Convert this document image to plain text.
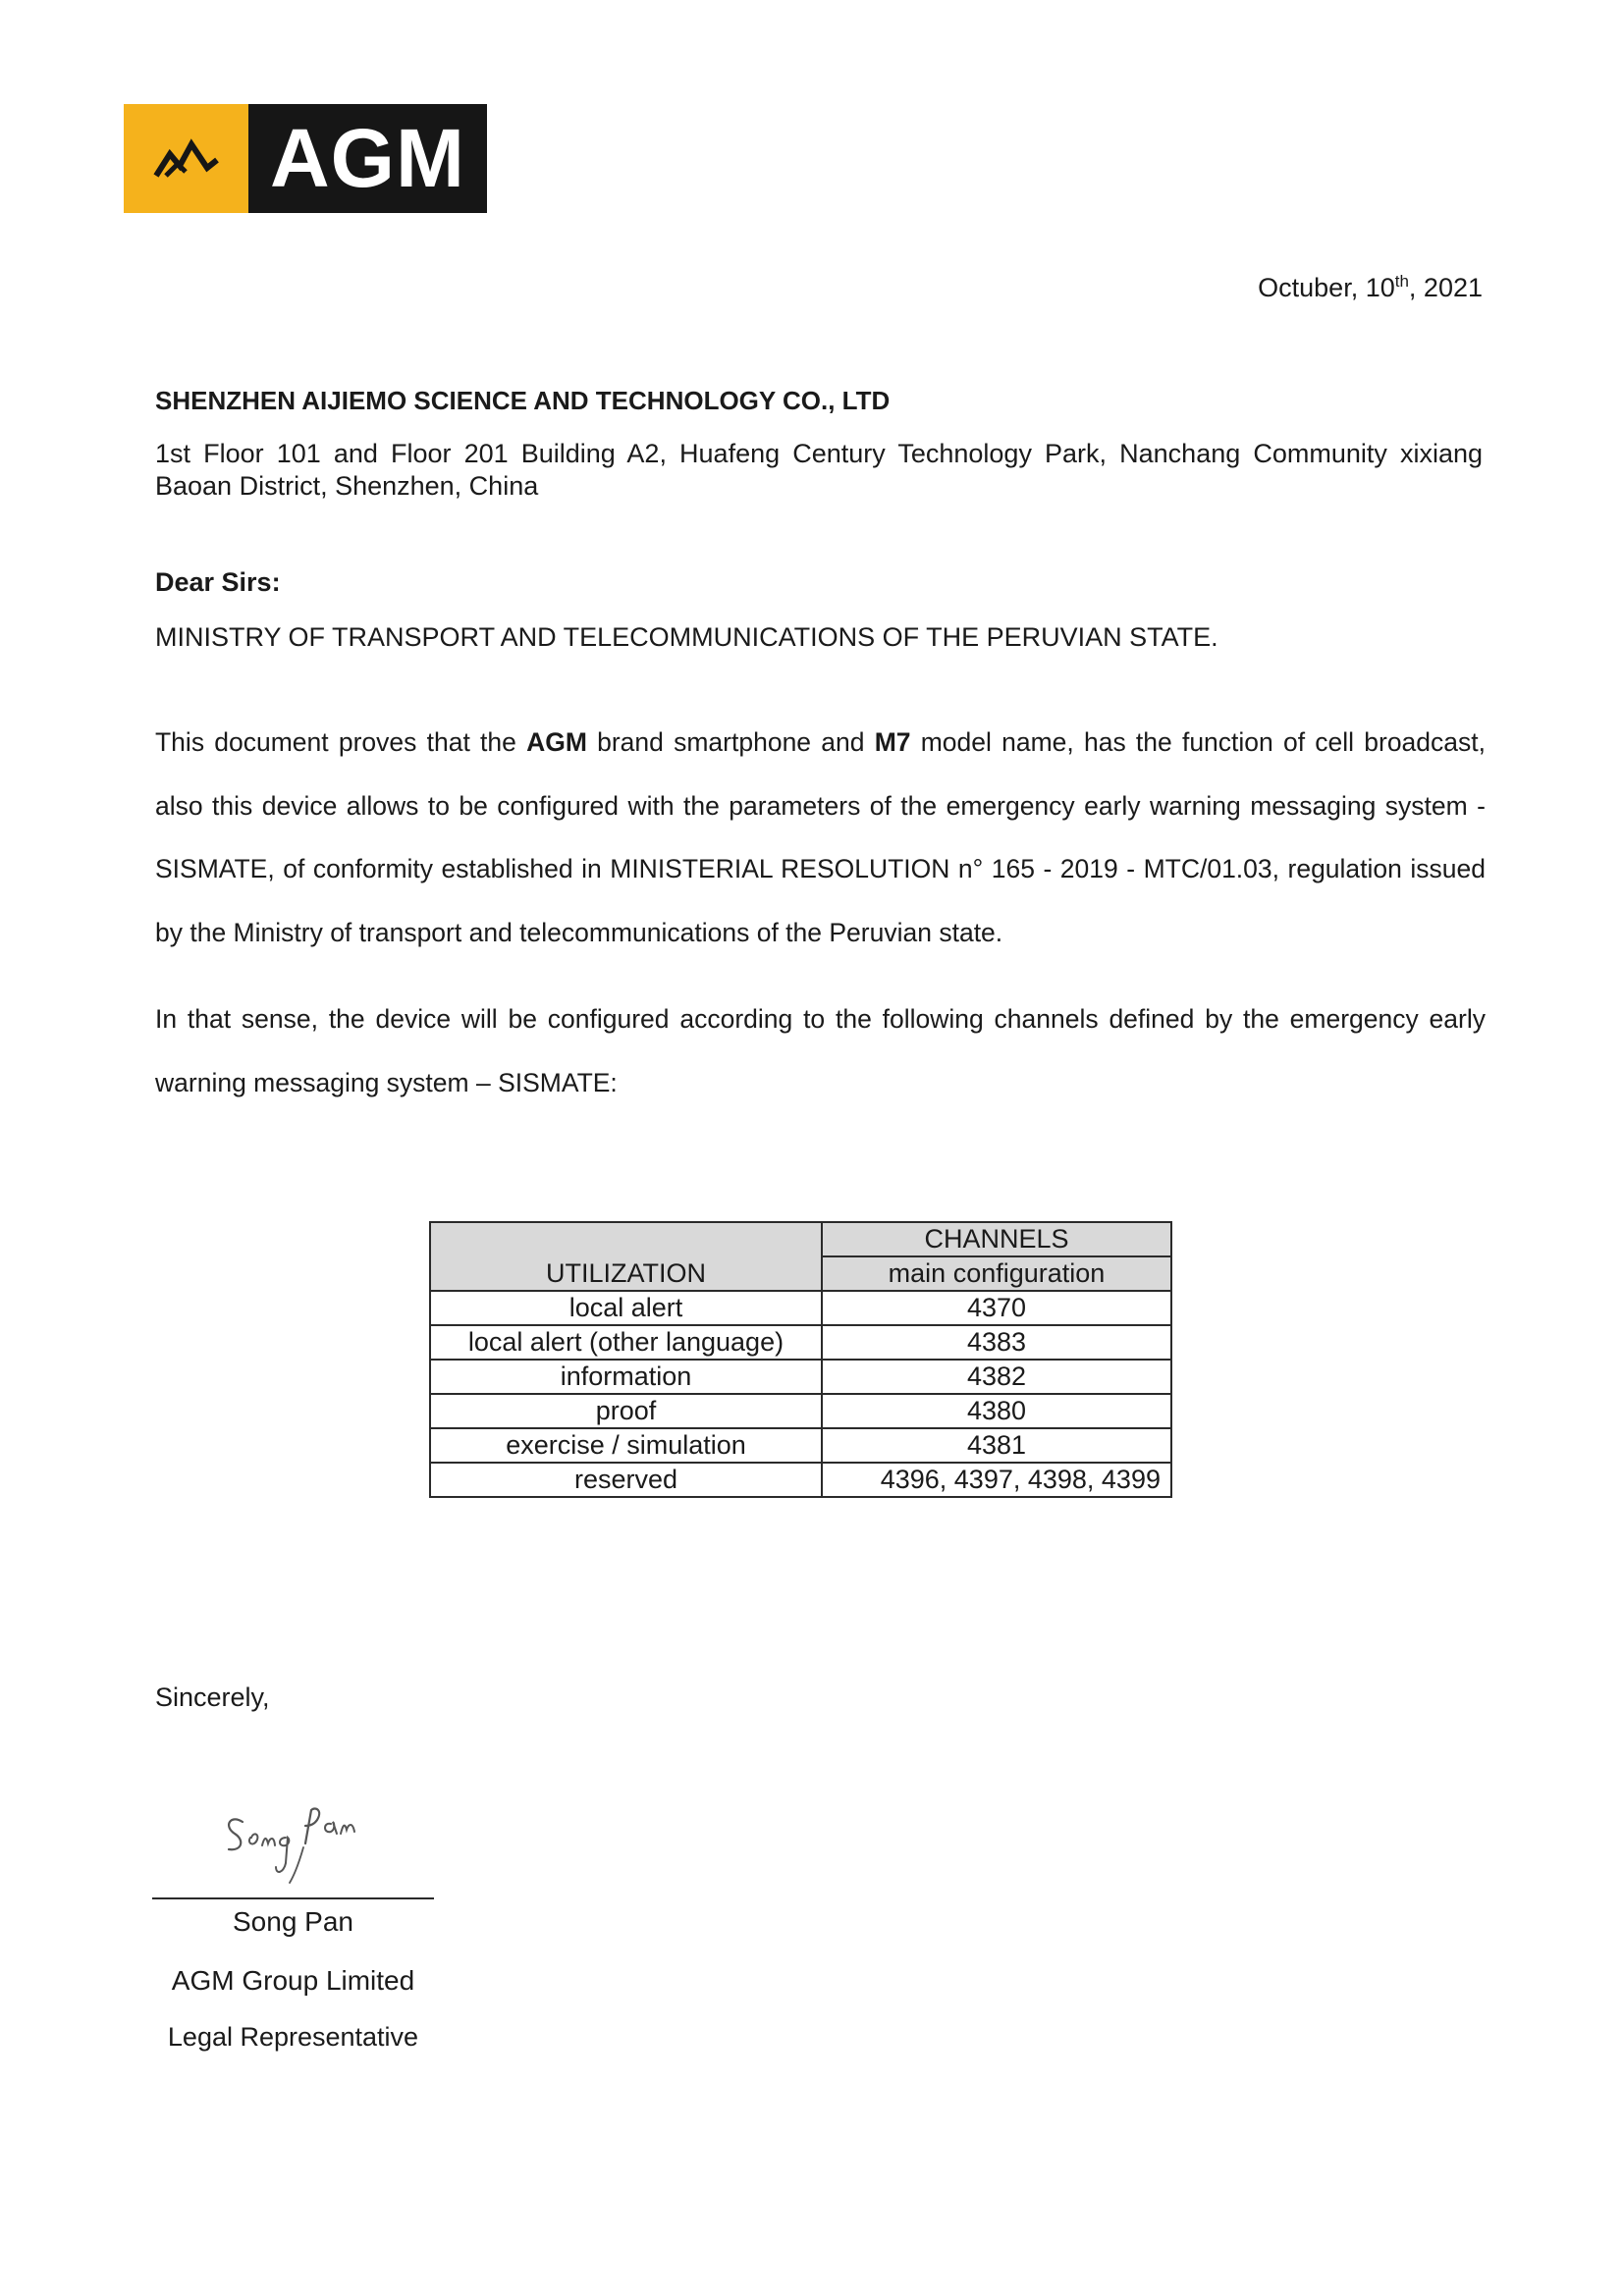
AGM
Octuber, 10th, 2021
SHENZHEN AIJIEMO SCIENCE AND TECHNOLOGY CO., LTD
1st Floor 101 and Floor 201 Building A2, Huafeng Century Technology Park, Nanchang Community xixiang Baoan District, Shenzhen, China
Dear Sirs:
MINISTRY OF TRANSPORT AND TELECOMMUNICATIONS OF THE PERUVIAN STATE.
This document proves that the AGM brand smartphone and M7 model name, has the function of cell broadcast, also this device allows to be configured with the parameters of the emergency early warning messaging system - SISMATE, of conformity established in MINISTERIAL RESOLUTION n° 165 - 2019 - MTC/01.03, regulation issued by the Ministry of transport and telecommunications of the Peruvian state.
In that sense, the device will be configured according to the following channels defined by the emergency early warning messaging system – SISMATE:
UTILIZATION	CHANNELS
	main configuration
local alert	4370
local alert (other language)	4383
information	4382
proof	4380
exercise / simulation	4381
reserved	4396, 4397, 4398, 4399
Sincerely,
Song Pan
AGM Group Limited
Legal Representative
